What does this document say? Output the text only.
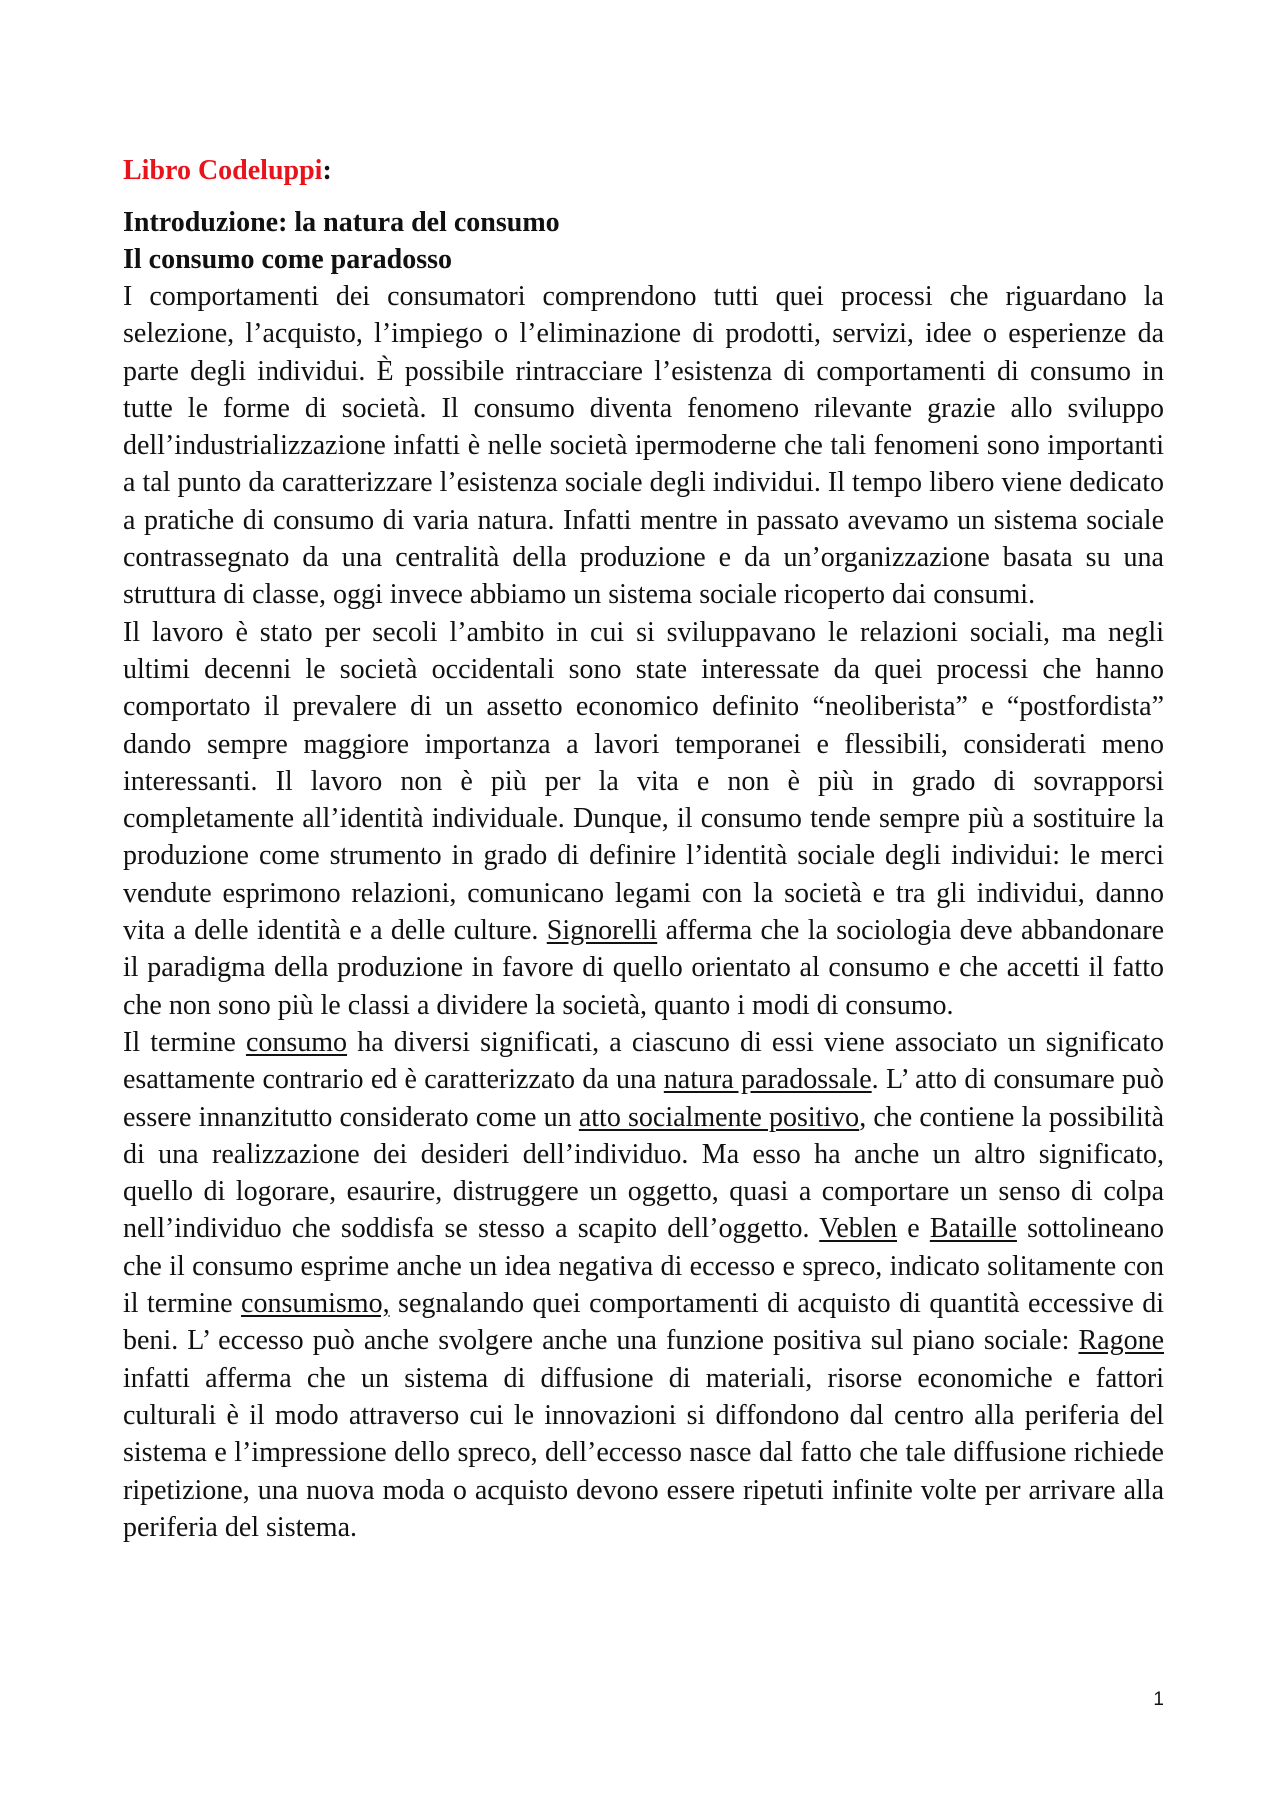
Libro Codeluppi:

Introduzione: la natura del consumo

Il consumo come paradosso

I comportamenti dei consumatori comprendono tutti quei processi che riguardano la selezione, l’acquisto, l’impiego o l’eliminazione di prodotti, servizi, idee o esperienze da parte degli individui. È possibile rintracciare l’esistenza di comportamenti di consumo in tutte le forme di società. Il consumo diventa fenomeno rilevante grazie allo sviluppo dell’industrializzazione infatti è nelle società ipermoderne che tali fenomeni sono importanti a tal punto da caratterizzare l’esistenza sociale degli individui. Il tempo libero viene dedicato a pratiche di consumo di varia natura. Infatti mentre in passato avevamo un sistema sociale contrassegnato da una centralità della produzione e da un’organizzazione basata su una struttura di classe, oggi invece abbiamo un sistema sociale ricoperto dai consumi.

Il lavoro è stato per secoli l’ambito in cui si sviluppavano le relazioni sociali, ma negli ultimi decenni le società occidentali sono state interessate da quei processi che hanno comportato il prevalere di un assetto economico definito “neoliberista” e “postfordista” dando sempre maggiore importanza a lavori temporanei e flessibili, considerati meno interessanti. Il lavoro non è più per la vita e non è più in grado di sovrapporsi completamente all’identità individuale. Dunque, il consumo tende sempre più a sostituire la produzione come strumento in grado di definire l’identità sociale degli individui: le merci vendute esprimono relazioni, comunicano legami con la società e tra gli individui, danno vita a delle identità e a delle culture. Signorelli afferma che la sociologia deve abbandonare il paradigma della produzione in favore di quello orientato al consumo e che accetti il fatto che non sono più le classi a dividere la società, quanto i modi di consumo.

Il termine consumo ha diversi significati, a ciascuno di essi viene associato un significato esattamente contrario ed è caratterizzato da una natura paradossale. L’ atto di consumare può essere innanzitutto considerato come un atto socialmente positivo, che contiene la possibilità di una realizzazione dei desideri dell’individuo. Ma esso ha anche un altro significato, quello di logorare, esaurire, distruggere un oggetto, quasi a comportare un senso di colpa nell’individuo che soddisfa se stesso a scapito dell’oggetto. Veblen e Bataille sottolineano che il consumo esprime anche un idea negativa di eccesso e spreco, indicato solitamente con il termine consumismo, segnalando quei comportamenti di acquisto di quantità eccessive di beni. L’ eccesso può anche svolgere anche una funzione positiva sul piano sociale: Ragone infatti afferma che un sistema di diffusione di materiali, risorse economiche e fattori culturali è il modo attraverso cui le innovazioni si diffondono dal centro alla periferia del sistema e l’impressione dello spreco, dell’eccesso nasce dal fatto che tale diffusione richiede ripetizione, una nuova moda o acquisto devono essere ripetuti infinite volte per arrivare alla periferia del sistema.

1
